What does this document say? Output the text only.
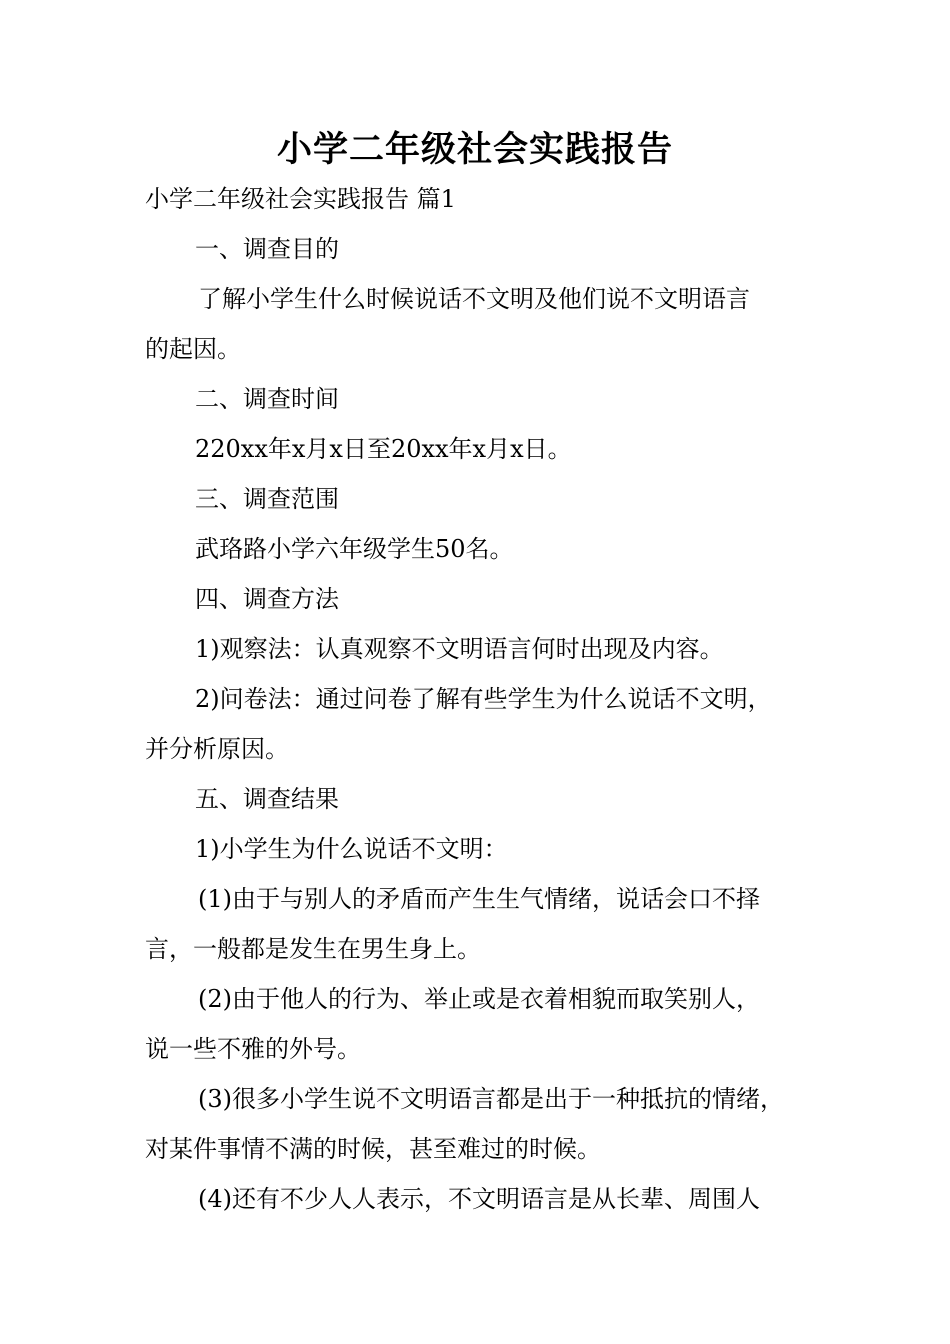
小学二年级社会实践报告
小学二年级社会实践报告 篇1
一、调查目的
了解小学生什么时候说话不文明及他们说不文明语言
的起因。
二、调查时间
220xx年x月x日至20xx年x月x日。
三、调查范围
武珞路小学六年级学生50名。
四、调查方法
1)观察法：认真观察不文明语言何时出现及内容。
2)问卷法：通过问卷了解有些学生为什么说话不文明，
并分析原因。
五、调查结果
1)小学生为什么说话不文明：
(1)由于与别人的矛盾而产生生气情绪，说话会口不择
言，一般都是发生在男生身上。
(2)由于他人的行为、举止或是衣着相貌而取笑别人，
说一些不雅的外号。
(3)很多小学生说不文明语言都是出于一种抵抗的情绪，
对某件事情不满的时候，甚至难过的时候。
(4)还有不少人人表示，不文明语言是从长辈、周围人
